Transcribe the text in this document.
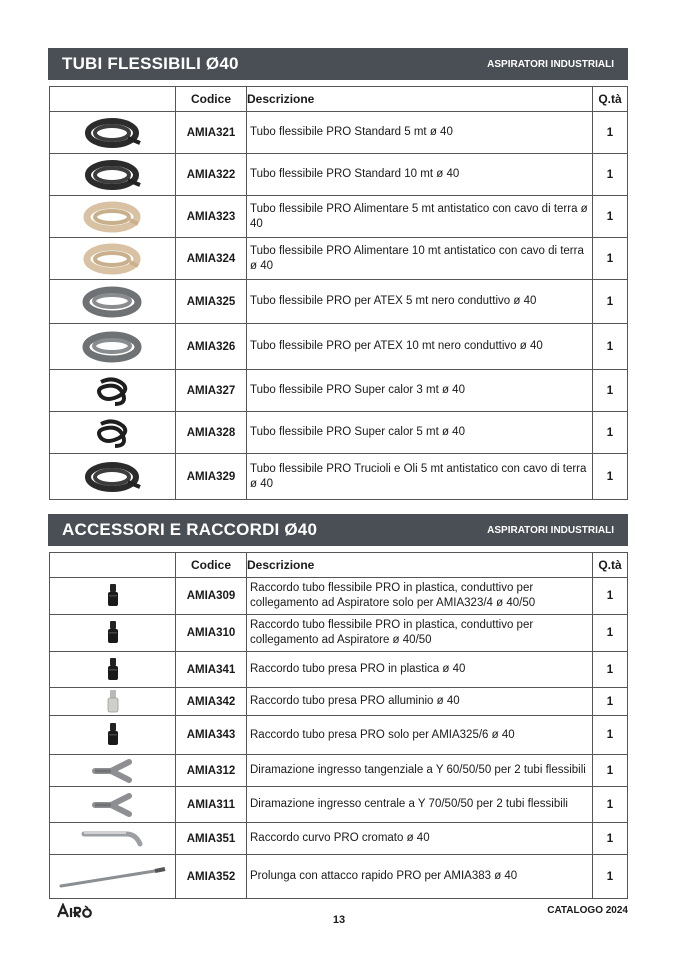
TUBI FLESSIBILI Ø40	ASPIRATORI INDUSTRIALI
	Codice	Descrizione	Q.tà

	AMIA321	Tubo flessibile PRO Standard 5 mt ø 40	1

	AMIA322	Tubo flessibile PRO Standard 10 mt ø 40	1

	AMIA323	Tubo flessibile PRO Alimentare 5 mt antistatico con cavo di terra ø 40	1

	AMIA324	Tubo flessibile PRO Alimentare 10 mt antistatico con cavo di terra ø 40	1

	AMIA325	Tubo flessibile PRO per ATEX 5 mt nero conduttivo ø 40	1

	AMIA326	Tubo flessibile PRO per ATEX 10 mt nero conduttivo ø 40	1

	AMIA327	Tubo flessibile PRO Super calor 3 mt ø 40	1

	AMIA328	Tubo flessibile PRO Super calor 5 mt ø 40	1

	AMIA329	Tubo flessibile PRO Trucioli e Oli 5 mt antistatico con cavo di terra ø 40	1
ACCESSORI E RACCORDI Ø40	ASPIRATORI INDUSTRIALI
	Codice	Descrizione	Q.tà

	AMIA309	Raccordo tubo flessibile PRO in plastica, conduttivo per collegamento ad Aspiratore solo per AMIA323/4 ø 40/50	1

	AMIA310	Raccordo tubo flessibile PRO in plastica, conduttivo per collegamento ad Aspiratore ø 40/50	1

	AMIA341	Raccordo tubo presa PRO in plastica ø 40	1

	AMIA342	Raccordo tubo presa PRO alluminio ø 40	1

	AMIA343	Raccordo tubo presa PRO solo per AMIA325/6 ø 40	1

	AMIA312	Diramazione ingresso tangenziale a Y 60/50/50 per 2 tubi flessibili	1

	AMIA311	Diramazione ingresso centrale a Y 70/50/50 per 2 tubi flessibili	1

	AMIA351	Raccordo curvo PRO cromato ø 40	1

	AMIA352	Prolunga con attacco rapido PRO per AMIA383 ø 40	1
13
CATALOGO 2024
